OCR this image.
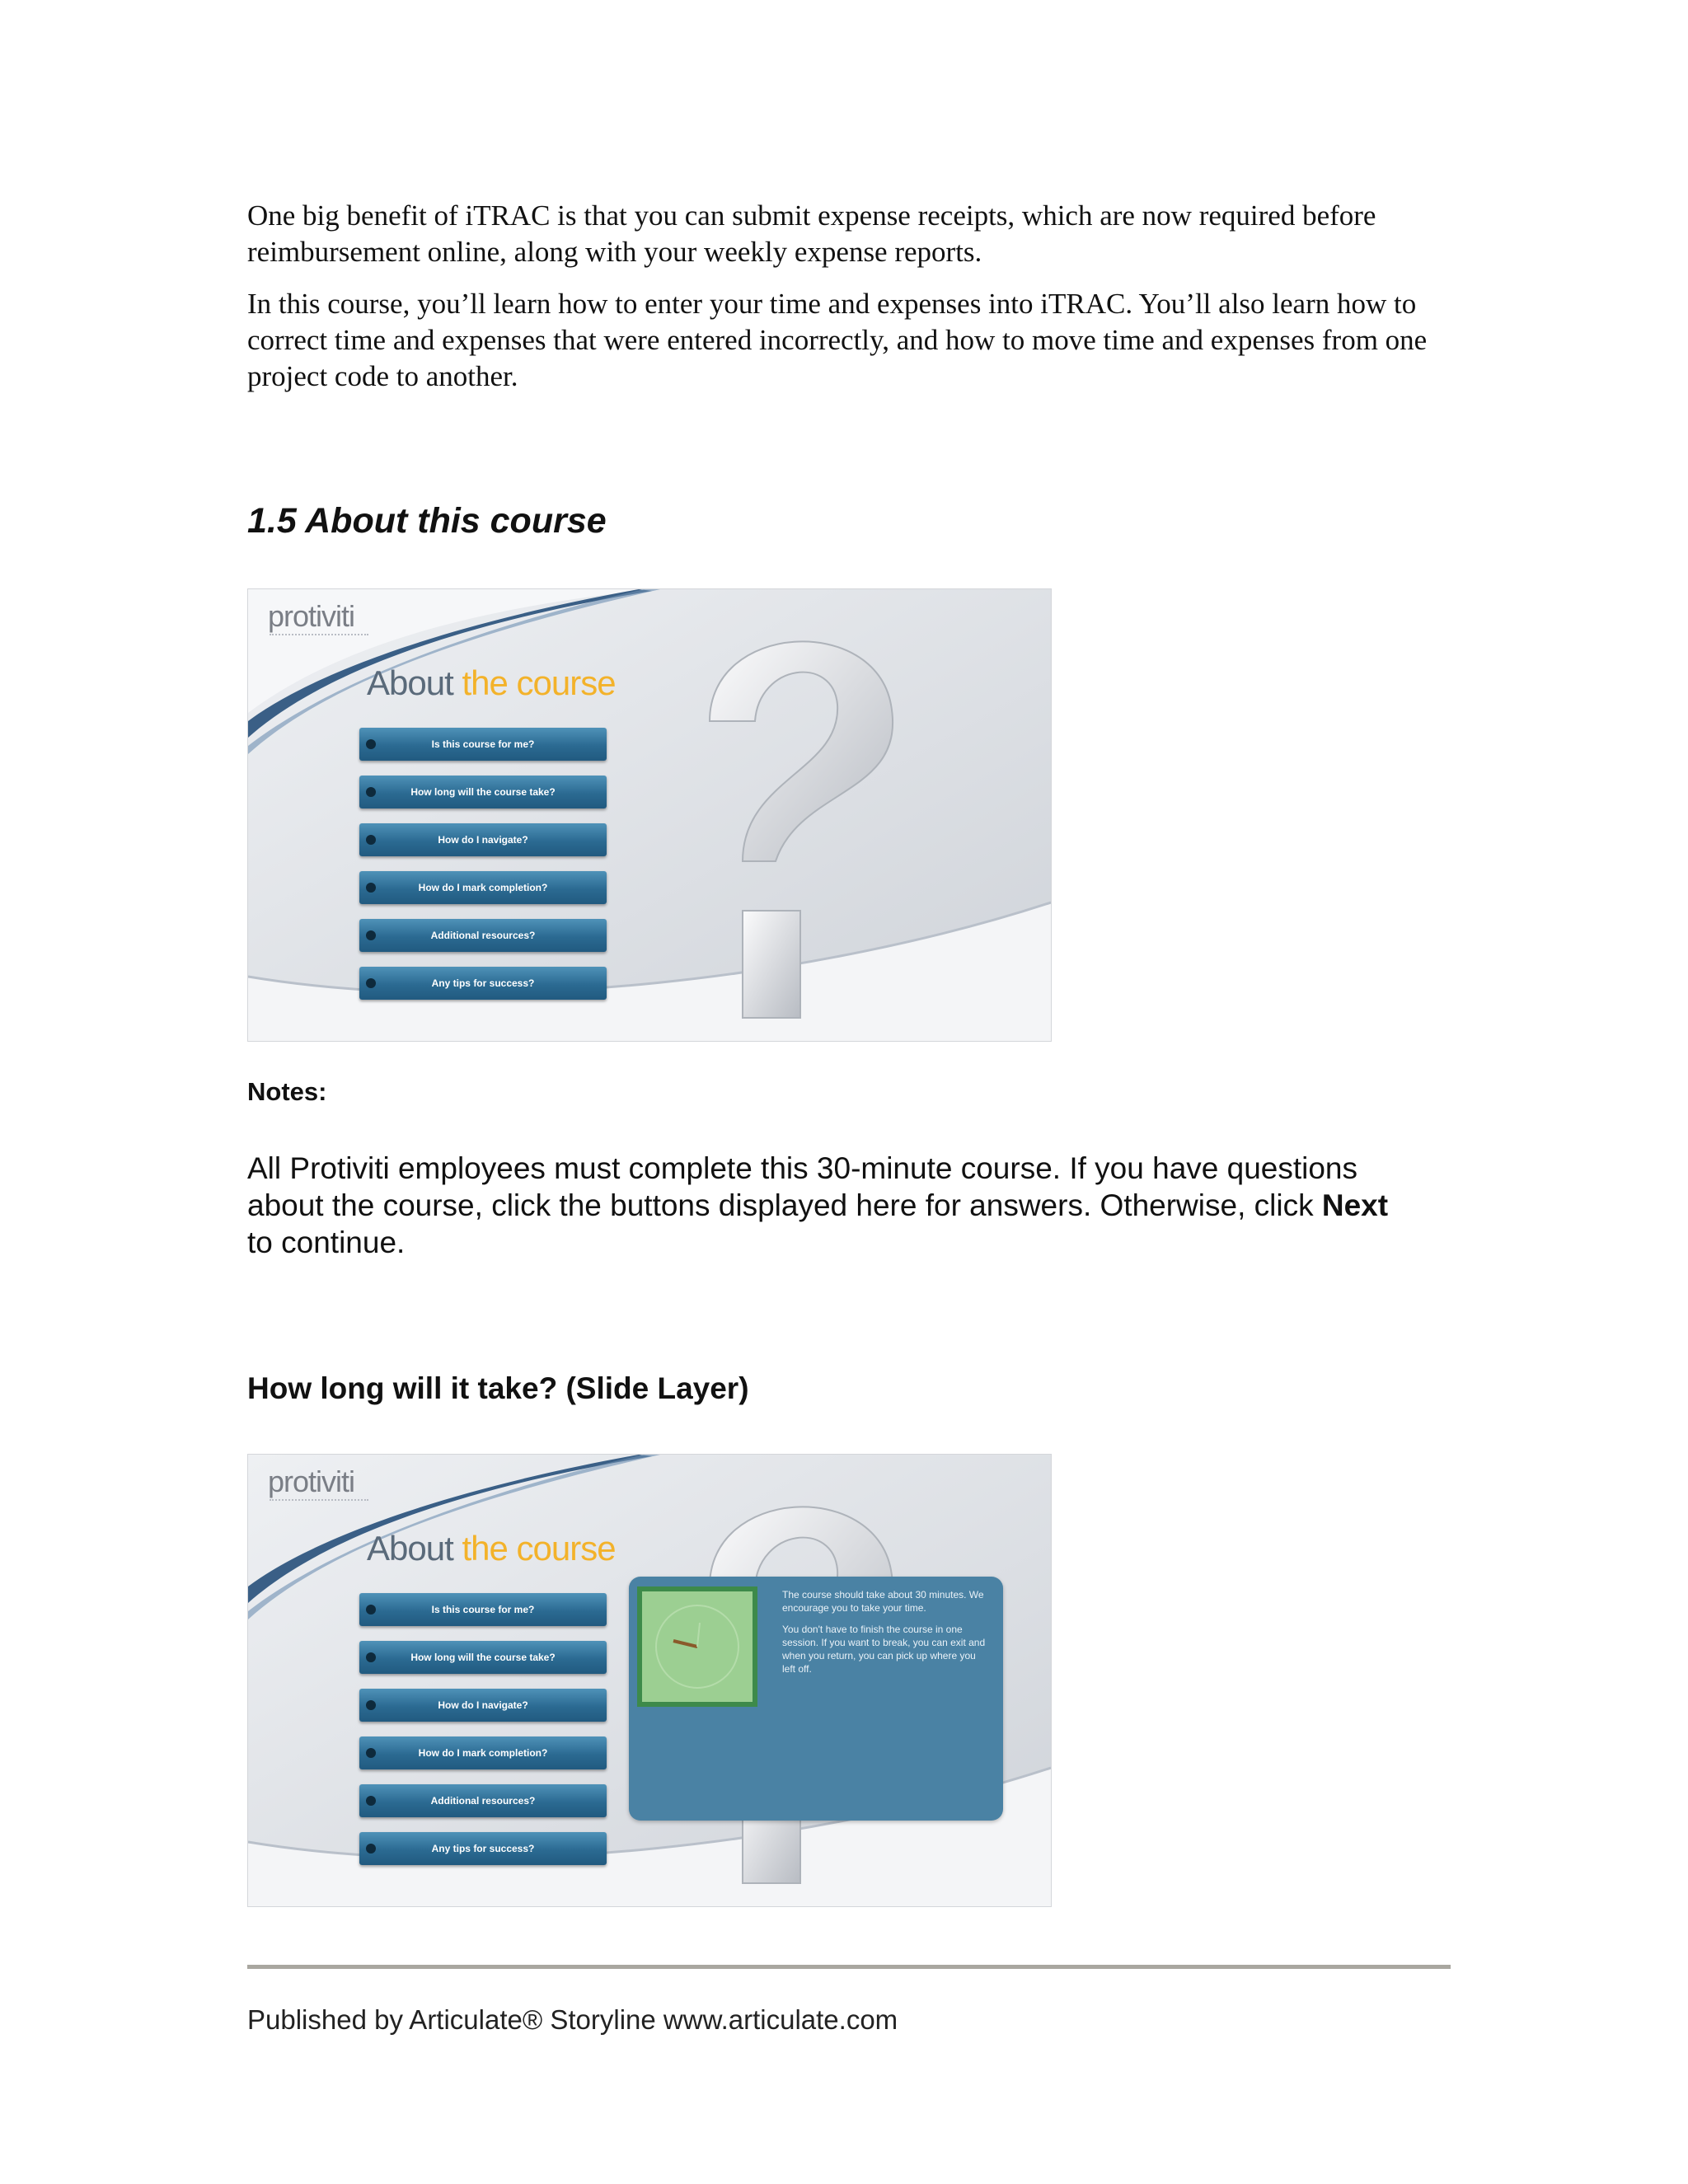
One big benefit of iTRAC is that you can submit expense receipts, which are now required before reimbursement online, along with your weekly expense reports.

In this course, you’ll learn how to enter your time and expenses into iTRAC. You’ll also learn how to correct time and expenses that were entered incorrectly, and how to move time and expenses from one project code to another.

1.5 About this course
protiviti
About the course
Is this course for me?
How long will the course take?
How do I navigate?
How do I mark completion?
Additional resources?
Any tips for success?

Notes:

All Protiviti employees must complete this 30-minute course. If you have questions about the course, click the buttons displayed here for answers. Otherwise, click Next to continue.

How long will it take? (Slide Layer)
protiviti
About the course
Is this course for me?
How long will the course take?
How do I navigate?
How do I mark completion?
Additional resources?
Any tips for success?

The course should take about 30 minutes. We encourage you to take your time.

You don't have to finish the course in one session. If you want to break, you can exit and when you return, you can pick up where you left off.

Published by Articulate® Storyline www.articulate.com
